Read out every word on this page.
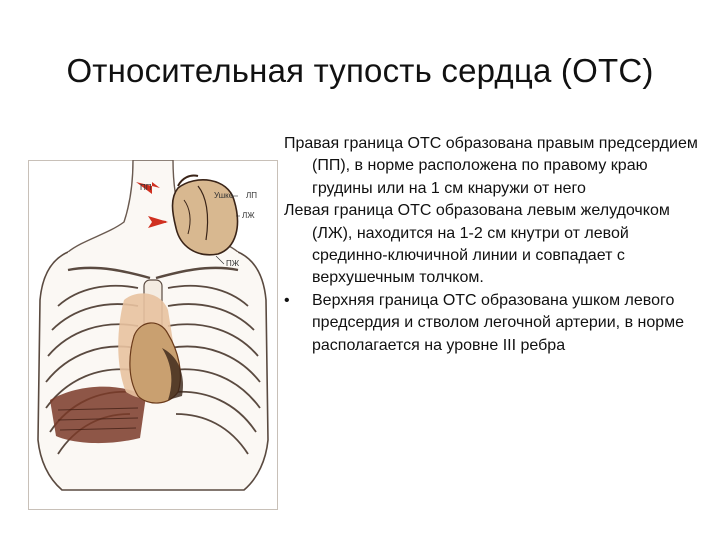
Относительная тупость сердца (ОТС)
ПП
Ушко ЛП
ЛЖ
ПЖ

Правая граница ОТС образована правым предсердием (ПП), в норме расположена по правому краю грудины или на 1 см кнаружи от него

Левая граница ОТС образована левым желудочком (ЛЖ), находится на 1-2 см кнутри от левой срединно-ключичной линии и совпадает с верхушечным толчком.

•	Верхняя граница ОТС образована ушком левого предсердия и стволом легочной артерии, в норме располагается на уровне III ребра
